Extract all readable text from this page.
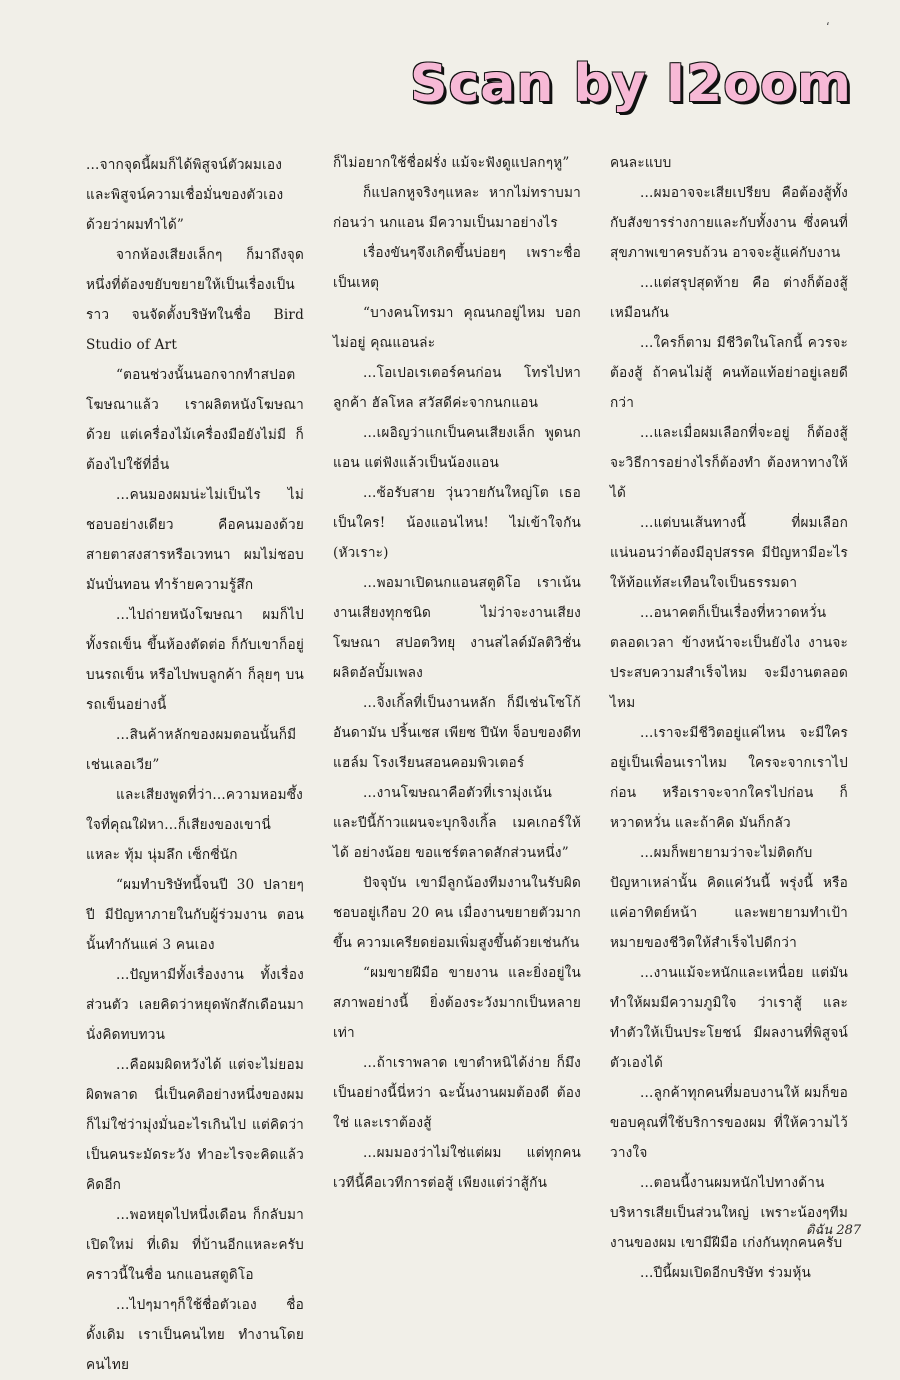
Scan by I2oom
ʻ

...จากจุดนี้ผมก็ได้พิสูจน์ตัวผมเอง และพิสูจน์ความเชื่อมั่นของตัวเองด้วยว่าผมทำได้”

จากห้องเสียงเล็กๆ ก็มาถึงจุดหนึ่งที่ต้องขยับขยายให้เป็นเรื่องเป็นราว จนจัดตั้งบริษัทในชื่อ Bird Studio of Art

“ตอนช่วงนั้นนอกจากทำสปอตโฆษณาแล้ว เราผลิตหนังโฆษณาด้วย แต่เครื่องไม้เครื่องมือยังไม่มี ก็ต้องไปใช้ที่อื่น

...คนมองผมน่ะไม่เป็นไร ไม่ชอบอย่างเดียว คือคนมองด้วยสายตาสงสารหรือเวทนา ผมไม่ชอบ มันบั่นทอน ทำร้ายความรู้สึก

...ไปถ่ายหนังโฆษณา ผมก็ไปทั้งรถเข็น ขึ้นห้องตัดต่อ ก็กับเขาก็อยู่บนรถเข็น หรือไปพบลูกค้า ก็ลุยๆ บนรถเข็นอย่างนี้

...สินค้าหลักของผมตอนนั้นก็มีเช่นเลอเวีย”

และเสียงพูดที่ว่า...ความหอมซึ้งใจที่คุณใฝ่หา...ก็เสียงของเขานี่แหละ ทุ้ม นุ่มลึก เซ็กซี่นัก

“ผมทำบริษัทนี้จนปี 30 ปลายๆ ปี มีปัญหาภายในกับผู้ร่วมงาน ตอนนั้นทำกันแค่ 3 คนเอง

...ปัญหามีทั้งเรื่องงาน ทั้งเรื่องส่วนตัว เลยคิดว่าหยุดพักสักเดือนมานั่งคิดทบทวน

...คือผมผิดหวังได้ แต่จะไม่ยอมผิดพลาด นี่เป็นคติอย่างหนึ่งของผม ก็ไม่ใช่ว่ามุ่งมั่นอะไรเกินไป แต่คิดว่าเป็นคนระมัดระวัง ทำอะไรจะคิดแล้วคิดอีก

...พอหยุดไปหนึ่งเดือน ก็กลับมาเปิดใหม่ ที่เดิม ที่บ้านอีกแหละครับ คราวนี้ในชื่อ นกแอนสตูดิโอ

...ไปๆมาๆก็ใช้ชื่อตัวเอง ชื่อดั้งเดิม เราเป็นคนไทย ทำงานโดยคนไทย

ก็ไม่อยากใช้ชื่อฝรั่ง แม้จะฟังดูแปลกๆหู”

ก็แปลกหูจริงๆแหละ หากไม่ทราบมาก่อนว่า นกแอน มีความเป็นมาอย่างไร

เรื่องขันๆจึงเกิดขึ้นบ่อยๆ เพราะชื่อเป็นเหตุ

“บางคนโทรมา คุณนกอยู่ไหม บอกไม่อยู่ คุณแอนล่ะ

...โอเปอเรเตอร์คนก่อน โทรไปหาลูกค้า ฮัลโหล สวัสดีค่ะจากนกแอน

...เผอิญว่าแกเป็นคนเสียงเล็ก พูดนกแอน แต่ฟังแล้วเป็นน้องแอน

...ซ้อรับสาย วุ่นวายกันใหญ่โต เธอเป็นใคร! น้องแอนไหน! ไม่เข้าใจกัน (หัวเราะ)

...พอมาเปิดนกแอนสตูดิโอ เราเน้นงานเสียงทุกชนิด ไม่ว่าจะงานเสียงโฆษณา สปอตวิทยุ งานสไลด์มัลติวิชั่น ผลิตอัลบั้มเพลง

...จิงเกิ้ลที่เป็นงานหลัก ก็มีเช่นโซโก้ อันดามัน ปริ้นเซส เพียซ ปีนัท จ็อบของดีทแฮล์ม โรงเรียนสอนคอมพิวเตอร์

...งานโฆษณาคือตัวที่เรามุ่งเน้น และปีนี้ก้าวแผนจะบุกจิงเกิ้ล เมคเกอร์ให้ได้ อย่างน้อย ขอแชร์ตลาดสักส่วนหนึ่ง”

ปัจจุบัน เขามีลูกน้องทีมงานในรับผิดชอบอยู่เกือบ 20 คน เมื่องานขยายตัวมากขึ้น ความเครียดย่อมเพิ่มสูงขึ้นด้วยเช่นกัน

“ผมขายฝีมือ ขายงาน และยิ่งอยู่ในสภาพอย่างนี้ ยิ่งต้องระวังมากเป็นหลายเท่า

...ถ้าเราพลาด เขาตำหนิได้ง่าย ก็มึงเป็นอย่างนี้นี่หว่า ฉะนั้นงานผมต้องดี ต้องใช่ และเราต้องสู้

...ผมมองว่าไม่ใช่แต่ผม แต่ทุกคนเวทีนี้คือเวทีการต่อสู้ เพียงแต่ว่าสู้กัน

คนละแบบ

...ผมอาจจะเสียเปรียบ คือต้องสู้ทั้งกับสังขารร่างกายและกับทั้งงาน ซึ่งคนที่สุขภาพเขาครบถ้วน อาจจะสู้แค่กับงาน

...แต่สรุปสุดท้าย คือ ต่างก็ต้องสู้เหมือนกัน

...ใครก็ตาม มีชีวิตในโลกนี้ ควรจะต้องสู้ ถ้าคนไม่สู้ คนท้อแท้อย่าอยู่เลยดีกว่า

...และเมื่อผมเลือกที่จะอยู่ ก็ต้องสู้ จะวิธีการอย่างไรก็ต้องทำ ต้องหาทางให้ได้

...แต่บนเส้นทางนี้ ที่ผมเลือกแน่นอนว่าต้องมีอุปสรรค มีปัญหามีอะไรให้ท้อแท้สะเทือนใจเป็นธรรมดา

...อนาคตก็เป็นเรื่องที่หวาดหวั่นตลอดเวลา ข้างหน้าจะเป็นยังไง งานจะประสบความสำเร็จไหม จะมีงานตลอดไหม

...เราจะมีชีวิตอยู่แค่ไหน จะมีใครอยู่เป็นเพื่อนเราไหม ใครจะจากเราไปก่อน หรือเราจะจากใครไปก่อน ก็หวาดหวั่น และถ้าคิด มันก็กลัว

...ผมก็พยายามว่าจะไม่ติดกับปัญหาเหล่านั้น คิดแค่วันนี้ พรุ่งนี้ หรือแค่อาทิตย์หน้า และพยายามทำเป้าหมายของชีวิตให้สำเร็จไปดีกว่า

...งานแม้จะหนักและเหนื่อย แต่มันทำให้ผมมีความภูมิใจ ว่าเราสู้ และทำตัวให้เป็นประโยชน์ มีผลงานที่พิสูจน์ตัวเองได้

...ลูกค้าทุกคนที่มอบงานให้ ผมก็ขอขอบคุณที่ใช้บริการของผม ที่ให้ความไว้วางใจ

...ตอนนี้งานผมหนักไปทางด้านบริหารเสียเป็นส่วนใหญ่ เพราะน้องๆทีมงานของผม เขามีฝีมือ เก่งกันทุกคนครับ

...ปีนี้ผมเปิดอีกบริษัท ร่วมหุ้น

ดิฉัน 287
